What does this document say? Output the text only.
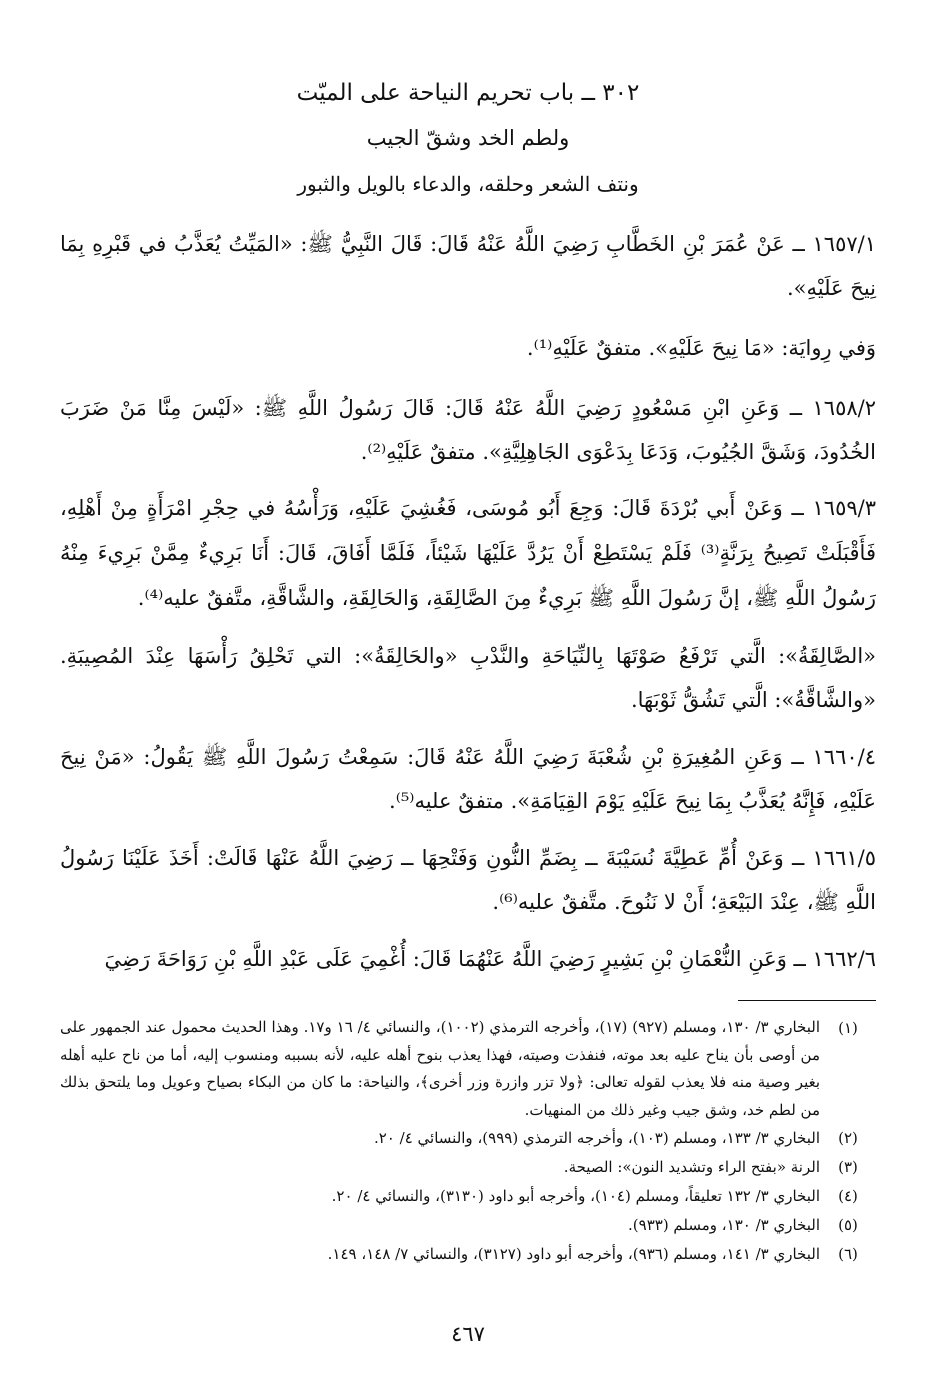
٣٠٢ ــ باب تحريم النياحة على الميّت
ولطم الخد وشقّ الجيب
ونتف الشعر وحلقه، والدعاء بالويل والثبور
١٦٥٧/١ ــ عَنْ عُمَرَ بْنِ الخَطَّابِ رَضِيَ اللَّهُ عَنْهُ قَالَ: قَالَ النَّبِيُّ ﷺ: «المَيِّتُ يُعَذَّبُ في قَبْرِهِ بِمَا نِيحَ عَلَيْهِ».
وَفي رِوايَة: «مَا نِيحَ عَلَيْهِ». متفقٌ عَلَيْهِ⁽¹⁾.
١٦٥٨/٢ ــ وَعَنِ ابْنِ مَسْعُودٍ رَضِيَ اللَّهُ عَنْهُ قَالَ: قَالَ رَسُولُ اللَّهِ ﷺ: «لَيْسَ مِنَّا مَنْ ضَرَبَ الخُدُودَ، وَشَقَّ الجُيُوبَ، وَدَعَا بِدَعْوَى الجَاهِلِيَّةِ». متفقٌ عَلَيْهِ⁽²⁾.
١٦٥٩/٣ ــ وَعَنْ أَبي بُرْدَةَ قَالَ: وَجِعَ أَبُو مُوسَى، فَغُشِيَ عَلَيْهِ، وَرَأْسُهُ في حِجْرِ امْرَأَةٍ مِنْ أَهْلِهِ، فَأَقْبَلَتْ تَصِيحُ بِرَنَّةٍ⁽³⁾ فَلَمْ يَسْتَطِعْ أَنْ يَرُدَّ عَلَيْهَا شَيْئاً، فَلَمَّا أَفَاقَ، قَالَ: أَنَا بَرِيءٌ مِمَّنْ بَرِيءَ مِنْهُ رَسُولُ اللَّهِ ﷺ، إنَّ رَسُولَ اللَّهِ ﷺ بَرِيءٌ مِنَ الصَّالِقَةِ، وَالحَالِقَةِ، والشَّاقَّةِ، متَّفقٌ عليه⁽⁴⁾.
«الصَّالِقَةُ»: الَّتي تَرْفَعُ صَوْتَهَا بِالنِّيَاحَةِ والنَّدْبِ «والحَالِقَةُ»: التي تَحْلِقُ رَأْسَهَا عِنْدَ المُصِيبَةِ. «والشَّاقَّةُ»: الَّتي تَشُقُّ ثَوْبَهَا.
١٦٦٠/٤ ــ وَعَنِ المُغِيرَةِ بْنِ شُعْبَةَ رَضِيَ اللَّهُ عَنْهُ قَالَ: سَمِعْتُ رَسُولَ اللَّهِ ﷺ يَقُولُ: «مَنْ نِيحَ عَلَيْهِ، فَإِنَّهُ يُعَذَّبُ بِمَا نِيحَ عَلَيْهِ يَوْمَ القِيَامَةِ». متفقٌ عليه⁽⁵⁾.
١٦٦١/٥ ــ وَعَنْ أُمِّ عَطِيَّةَ نُسَيْبَةَ ــ بِضَمِّ النُّونِ وَفَتْحِهَا ــ رَضِيَ اللَّهُ عَنْهَا قَالَتْ: أَخَذَ عَلَيْنَا رَسُولُ اللَّهِ ﷺ، عِنْدَ البَيْعَةِ؛ أَنْ لا نَنُوحَ. متَّفقٌ عليه⁽⁶⁾.
١٦٦٢/٦ ــ وَعَنِ النُّعْمَانِ بْنِ بَشِيرٍ رَضِيَ اللَّهُ عَنْهُمَا قَالَ: أُغْمِيَ عَلَى عَبْدِ اللَّهِ بْنِ رَوَاحَةَ رَضِيَ
(١)
البخاري ٣/ ١٣٠، ومسلم (٩٢٧) (١٧)، وأخرجه الترمذي (١٠٠٢)، والنسائي ٤/ ١٦ و١٧. وهذا الحديث محمول عند الجمهور على من أوصى بأن يناح عليه بعد موته، فنفذت وصيته، فهذا يعذب بنوح أهله عليه، لأنه بسببه ومنسوب إليه، أما من ناح عليه أهله بغير وصية منه فلا يعذب لقوله تعالى: ﴿ولا تزر وازرة وزر أخرى﴾، والنياحة: ما كان من البكاء بصياح وعويل وما يلتحق بذلك من لطم خد، وشق جيب وغير ذلك من المنهيات.
(٢)
البخاري ٣/ ١٣٣، ومسلم (١٠٣)، وأخرجه الترمذي (٩٩٩)، والنسائي ٤/ ٢٠.
(٣)
الرنة «بفتح الراء وتشديد النون»: الصيحة.
(٤)
البخاري ٣/ ١٣٢ تعليقاً، ومسلم (١٠٤)، وأخرجه أبو داود (٣١٣٠)، والنسائي ٤/ ٢٠.
(٥)
البخاري ٣/ ١٣٠، ومسلم (٩٣٣).
(٦)
البخاري ٣/ ١٤١، ومسلم (٩٣٦)، وأخرجه أبو داود (٣١٢٧)، والنسائي ٧/ ١٤٨، ١٤٩.
٤٦٧
